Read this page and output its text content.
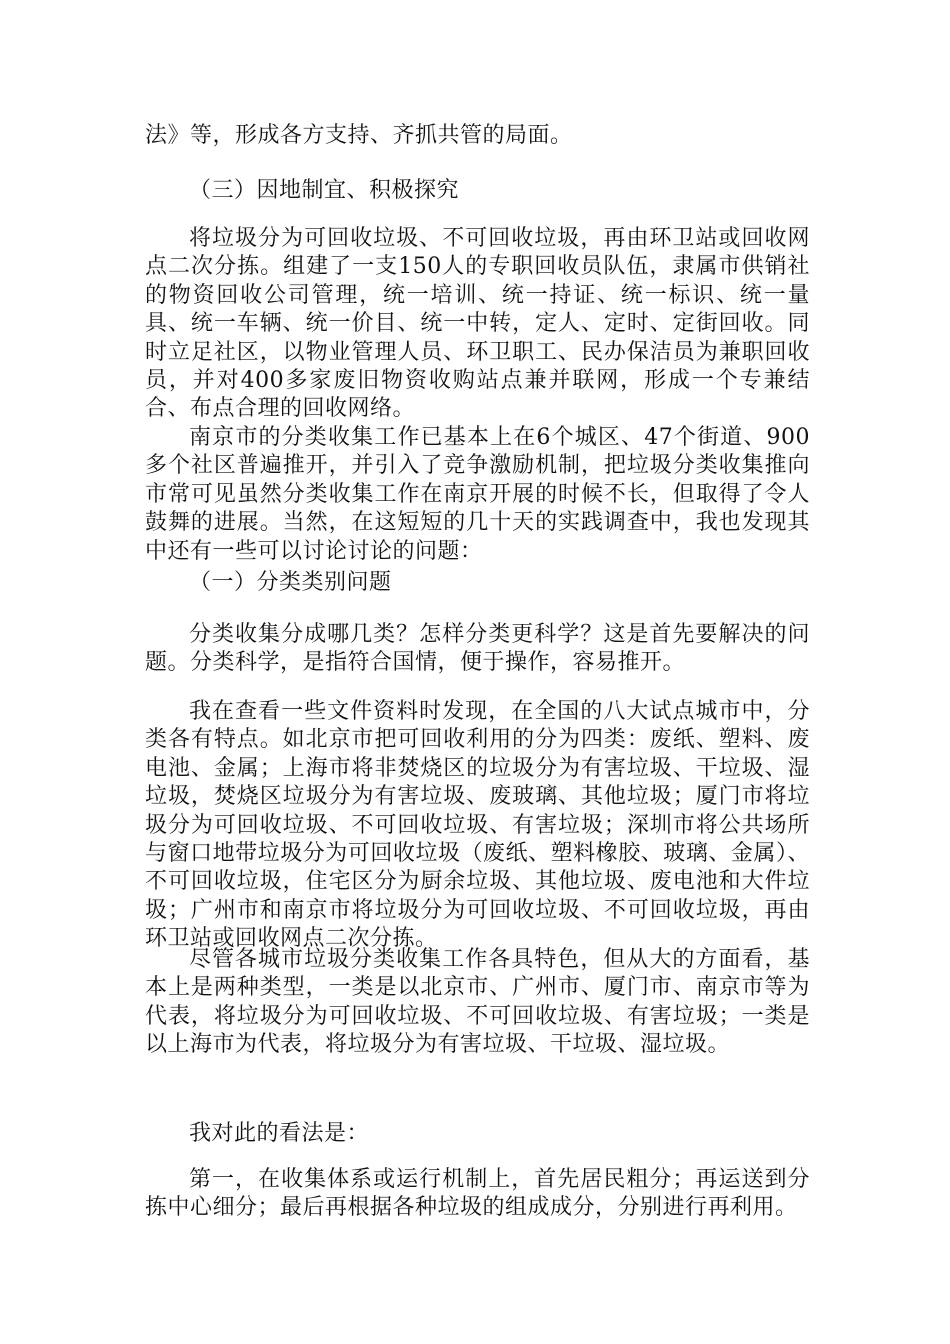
法》等，形成各方支持、齐抓共管的局面。

（三）因地制宜、积极探究

将垃圾分为可回收垃圾、不可回收垃圾，再由环卫站或回收网点二次分拣。组建了一支150人的专职回收员队伍，隶属市供销社的物资回收公司管理，统一培训、统一持证、统一标识、统一量具、统一车辆、统一价目、统一中转，定人、定时、定街回收。同时立足社区，以物业管理人员、环卫职工、民办保洁员为兼职回收员，并对400多家废旧物资收购站点兼并联网，形成一个专兼结合、布点合理的回收网络。

南京市的分类收集工作已基本上在6个城区、47个街道、900多个社区普遍推开，并引入了竞争激励机制，把垃圾分类收集推向市常可见虽然分类收集工作在南京开展的时候不长，但取得了令人鼓舞的进展。当然，在这短短的几十天的实践调查中，我也发现其中还有一些可以讨论讨论的问题：

（一）分类类别问题

分类收集分成哪几类？怎样分类更科学？这是首先要解决的问题。分类科学，是指符合国情，便于操作，容易推开。

我在查看一些文件资料时发现，在全国的八大试点城市中，分类各有特点。如北京市把可回收利用的分为四类：废纸、塑料、废电池、金属；上海市将非焚烧区的垃圾分为有害垃圾、干垃圾、湿垃圾，焚烧区垃圾分为有害垃圾、废玻璃、其他垃圾；厦门市将垃圾分为可回收垃圾、不可回收垃圾、有害垃圾；深圳市将公共场所与窗口地带垃圾分为可回收垃圾（废纸、塑料橡胶、玻璃、金属）、不可回收垃圾，住宅区分为厨余垃圾、其他垃圾、废电池和大件垃圾；广州市和南京市将垃圾分为可回收垃圾、不可回收垃圾，再由环卫站或回收网点二次分拣。

尽管各城市垃圾分类收集工作各具特色，但从大的方面看，基本上是两种类型，一类是以北京市、广州市、厦门市、南京市等为代表，将垃圾分为可回收垃圾、不可回收垃圾、有害垃圾；一类是以上海市为代表，将垃圾分为有害垃圾、干垃圾、湿垃圾。

我对此的看法是：

第一，在收集体系或运行机制上，首先居民粗分；再运送到分拣中心细分；最后再根据各种垃圾的组成成分，分别进行再利用。
